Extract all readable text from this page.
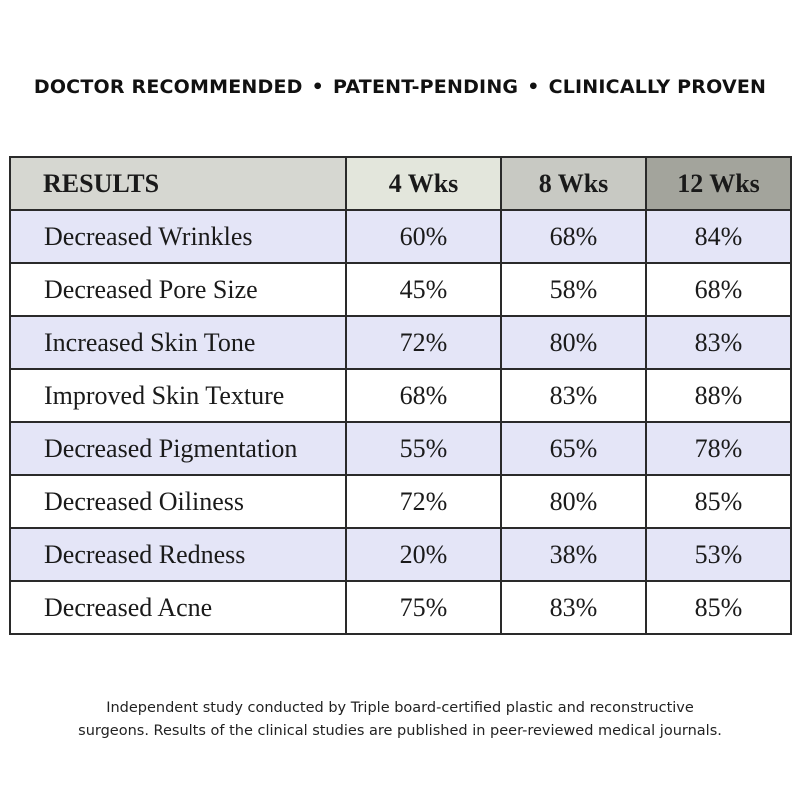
DOCTOR RECOMMENDED • PATENT-PENDING • CLINICALLY PROVEN
RESULTS	4 Wks	8 Wks	12 Wks
Decreased Wrinkles	60%	68%	84%
Decreased Pore Size	45%	58%	68%
Increased Skin Tone	72%	80%	83%
Improved Skin Texture	68%	83%	88%
Decreased Pigmentation	55%	65%	78%
Decreased Oiliness	72%	80%	85%
Decreased Redness	20%	38%	53%
Decreased Acne	75%	83%	85%
Independent study conducted by Triple board-certified plastic and reconstructive
surgeons. Results of the clinical studies are published in peer-reviewed medical journals.
